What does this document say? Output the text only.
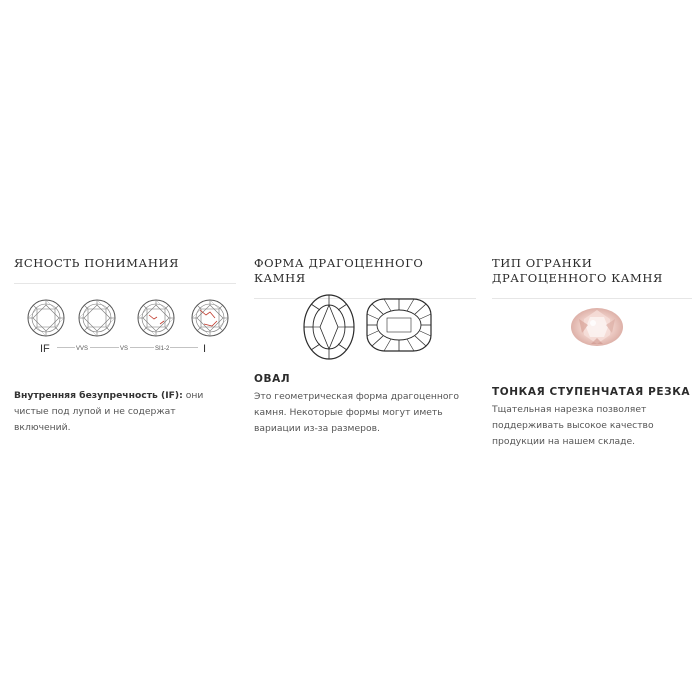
ЯСНОСТЬ ПОНИМАНИЯ
IF	VVS	VS	SI1-2	I

Внутренняя безупречность (IF): они чистые под лупой и не содержат включений.

ФОРМА ДРАГОЦЕННОГО КАМНЯ
ОВАЛ

Это геометрическая форма драгоценного камня. Некоторые формы могут иметь вариации из-за размеров.

ТИП ОГРАНКИ ДРАГОЦЕННОГО КАМНЯ
ТОНКАЯ СТУПЕНЧАТАЯ РЕЗКА

Тщательная нарезка позволяет поддерживать высокое качество продукции на нашем складе.
